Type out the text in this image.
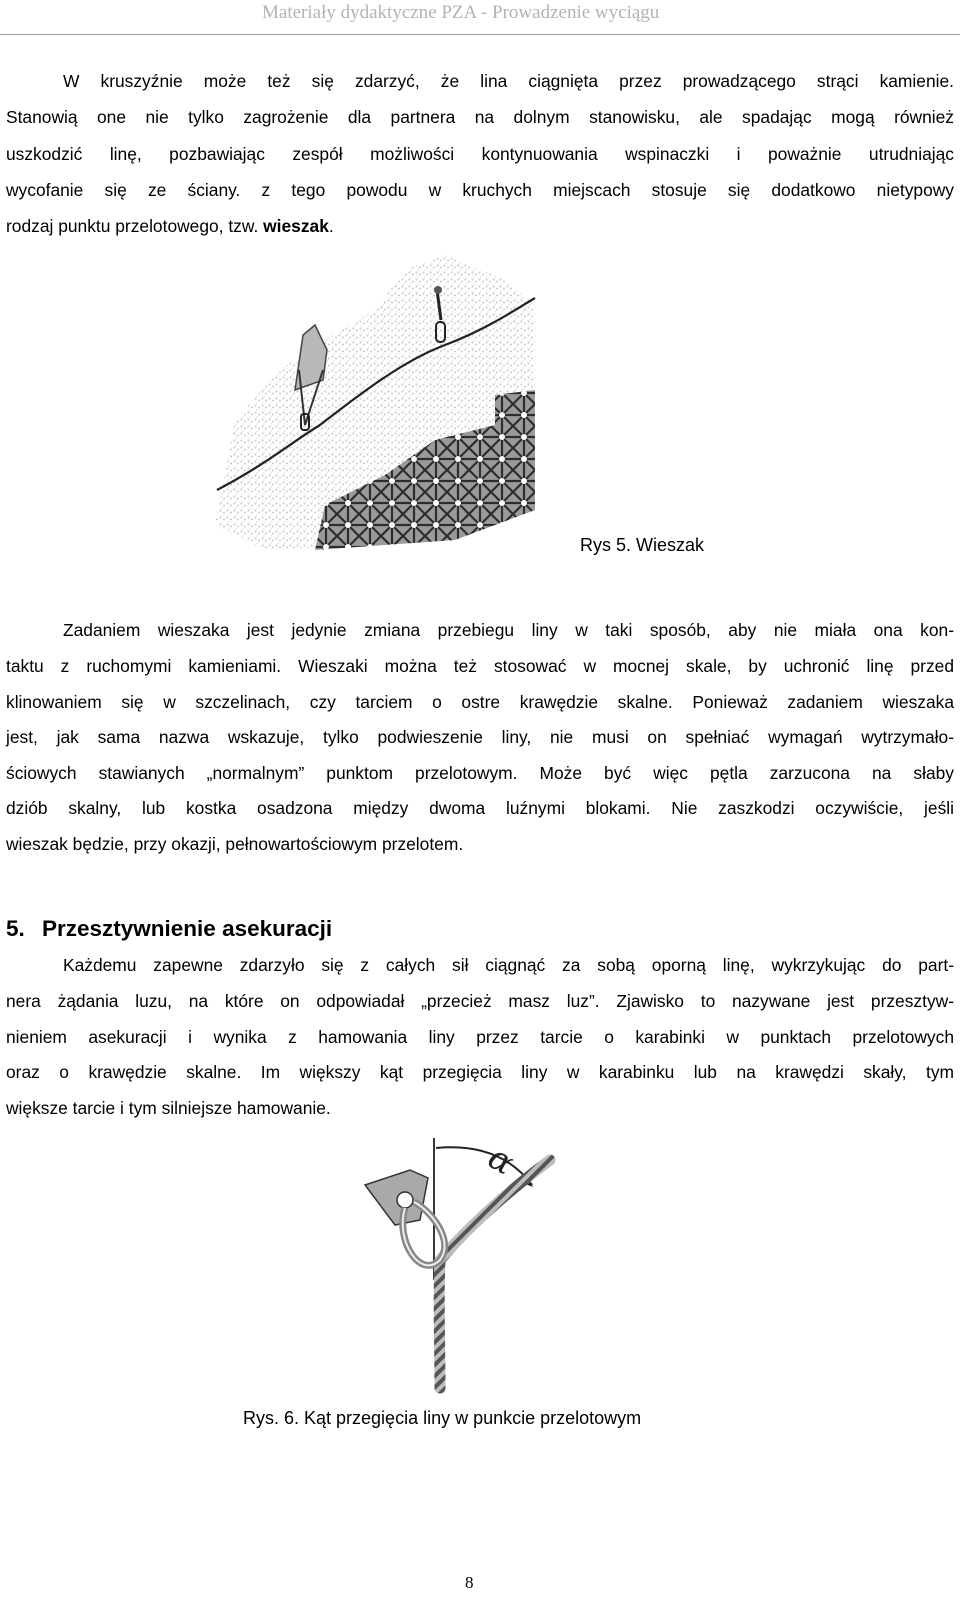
Materiały dydaktyczne PZA - Prowadzenie wyciągu
W kruszyźnie może też się zdarzyć, że lina ciągnięta przez prowadzącego strąci kamienie.
Stanowią one nie tylko zagrożenie dla partnera na dolnym stanowisku, ale spadając mogą również
uszkodzić linę, pozbawiając zespół możliwości kontynuowania wspinaczki i poważnie utrudniając
wycofanie się ze ściany. z tego powodu w kruchych miejscach stosuje się dodatkowo nietypowy
rodzaj punktu przelotowego, tzw. wieszak.
Rys 5. Wieszak
Zadaniem wieszaka jest jedynie zmiana przebiegu liny w taki sposób, aby nie miała ona kon-
taktu z ruchomymi kamieniami. Wieszaki można też stosować w mocnej skale, by uchronić linę przed
klinowaniem się w szczelinach, czy tarciem o ostre krawędzie skalne. Ponieważ zadaniem wieszaka
jest, jak sama nazwa wskazuje, tylko podwieszenie liny, nie musi on spełniać wymagań wytrzymało-
ściowych stawianych „normalnym” punktom przelotowym. Może być więc pętla zarzucona na słaby
dziób skalny, lub kostka osadzona między dwoma luźnymi blokami. Nie zaszkodzi oczywiście, jeśli
wieszak będzie, przy okazji, pełnowartościowym przelotem.
5. Przesztywnienie asekuracji
Każdemu zapewne zdarzyło się z całych sił ciągnąć za sobą oporną linę, wykrzykując do part-
nera żądania luzu, na które on odpowiadał „przecież masz luz”. Zjawisko to nazywane jest przesztyw-
nieniem asekuracji i wynika z hamowania liny przez tarcie o karabinki w punktach przelotowych
oraz o krawędzie skalne. Im większy kąt przegięcia liny w karabinku lub na krawędzi skały, tym
większe tarcie i tym silniejsze hamowanie.
α
Rys. 6. Kąt przegięcia liny w punkcie przelotowym
8
